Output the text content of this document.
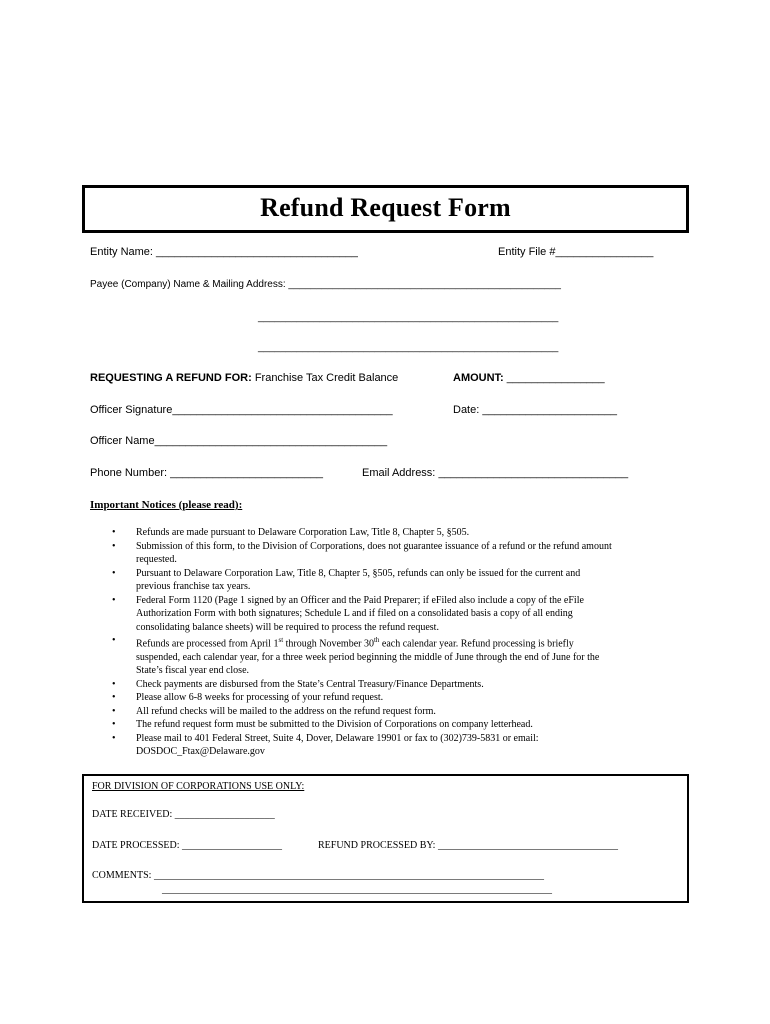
Refund Request Form
Entity Name: _________________________________	Entity File #________________
Payee (Company) Name & Mailing Address: _________________________________________________
______________________________________________________
______________________________________________________
REQUESTING A REFUND FOR: Franchise Tax Credit Balance	AMOUNT: ________________
Officer Signature____________________________________	Date: ______________________
Officer Name______________________________________
Phone Number: _________________________	Email Address: _______________________________
Important Notices (please read):
• Refunds are made pursuant to Delaware Corporation Law, Title 8, Chapter 5, §505.
• Submission of this form, to the Division of Corporations, does not guarantee issuance of a refund or the refund amount
requested.
• Pursuant to Delaware Corporation Law, Title 8, Chapter 5, §505, refunds can only be issued for the current and
previous franchise tax years.
• Federal Form 1120 (Page 1 signed by an Officer and the Paid Preparer; if eFiled also include a copy of the eFile
Authorization Form with both signatures; Schedule L and if filed on a consolidated basis a copy of all ending
consolidating balance sheets) will be required to process the refund request.
• Refunds are processed from April 1st through November 30th each calendar year. Refund processing is briefly
suspended, each calendar year, for a three week period beginning the middle of June through the end of June for the
State’s fiscal year end close.
• Check payments are disbursed from the State’s Central Treasury/Finance Departments.
• Please allow 6-8 weeks for processing of your refund request.
• All refund checks will be mailed to the address on the refund request form.
• The refund request form must be submitted to the Division of Corporations on company letterhead.
• Please mail to 401 Federal Street, Suite 4, Dover, Delaware 19901 or fax to (302)739-5831 or email:
DOSDOC_Ftax@Delaware.gov
FOR DIVISION OF CORPORATIONS USE ONLY:
DATE RECEIVED: ____________________
DATE PROCESSED: ____________________	REFUND PROCESSED BY: ____________________________________
COMMENTS: ______________________________________________________________________________
______________________________________________________________________________
